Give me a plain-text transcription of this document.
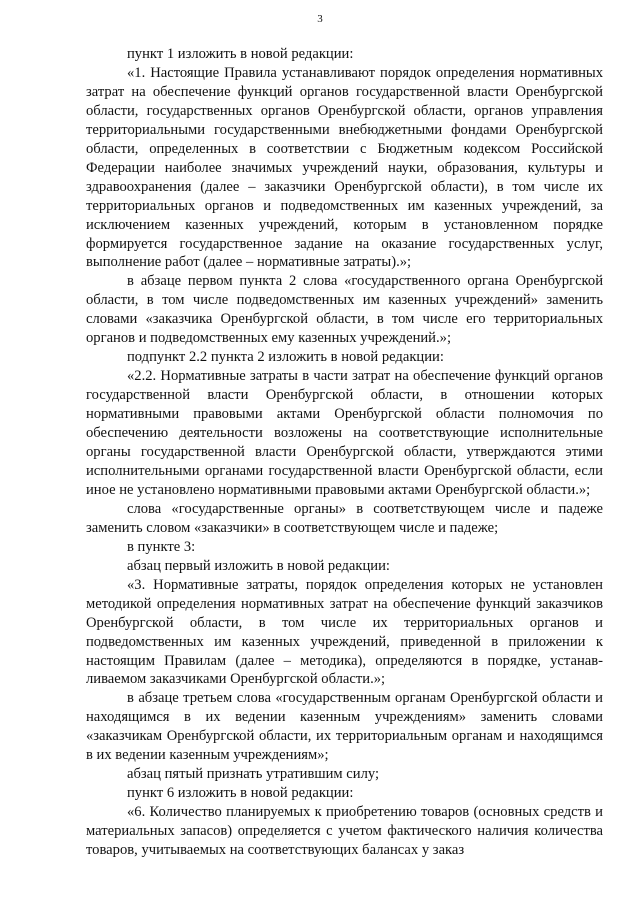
3

пункт 1 изложить в новой редакции:

«1. Настоящие Правила устанавливают порядок определения нормативных затрат на обеспечение функций органов государственной власти Оренбургской области, государственных органов Оренбургской области, органов управления территориальными государственными внебюджетными фондами Оренбургской области, определенных в соответствии с Бюджетным кодексом Российской Федерации наиболее значимых учреждений науки, образования, культуры и здравоохранения (далее – заказчики Оренбургской области), в том числе их территориальных органов и подведомственных им казенных учреждений, за исключением казенных учреждений, которым в установленном порядке формируется государственное задание на оказание государственных услуг, выполнение работ (далее – нормативные затраты).»;

в абзаце первом пункта 2 слова «государственного органа Оренбургской области, в том числе подведомственных им казенных учреждений» заменить словами «заказчика Оренбургской области, в том числе его территориальных органов и подведомственных ему казенных учреждений.»;

подпункт 2.2 пункта 2 изложить в новой редакции:

«2.2. Нормативные затраты в части затрат на обеспечение функций органов государственной власти Оренбургской области, в отношении которых нормативными правовыми актами Оренбургской области полномочия по обеспечению деятельности возложены на соответствующие исполнительные органы государственной власти Оренбургской области, утверждаются этими исполнительными органами государственной власти Оренбургской области, если иное не установлено нормативными правовыми актами Оренбургской области.»;

слова «государственные органы» в соответствующем числе и падеже заменить словом «заказчики» в соответствующем числе и падеже;

в пункте 3:

абзац первый изложить в новой редакции:

«3. Нормативные затраты, порядок определения которых не установлен методикой определения нормативных затрат на обеспечение функций заказчиков Оренбургской области, в том числе их территориальных органов и подведомственных им казенных учреждений, приведенной в приложении к настоящим Правилам (далее – методика), определяются в порядке, устанавливаемом заказчиками Оренбургской области.»;

в абзаце третьем слова «государственным органам Оренбургской области и находящимся в их ведении казенным учреждениям» заменить словами «заказчикам Оренбургской области, их территориальным органам и находящимся в их ведении казенным учреждениям»;

абзац пятый признать утратившим силу;

пункт 6 изложить в новой редакции:

«6. Количество планируемых к приобретению товаров (основных средств и материальных запасов) определяется с учетом фактического наличия количества товаров, учитываемых на соответствующих балансах у заказ
